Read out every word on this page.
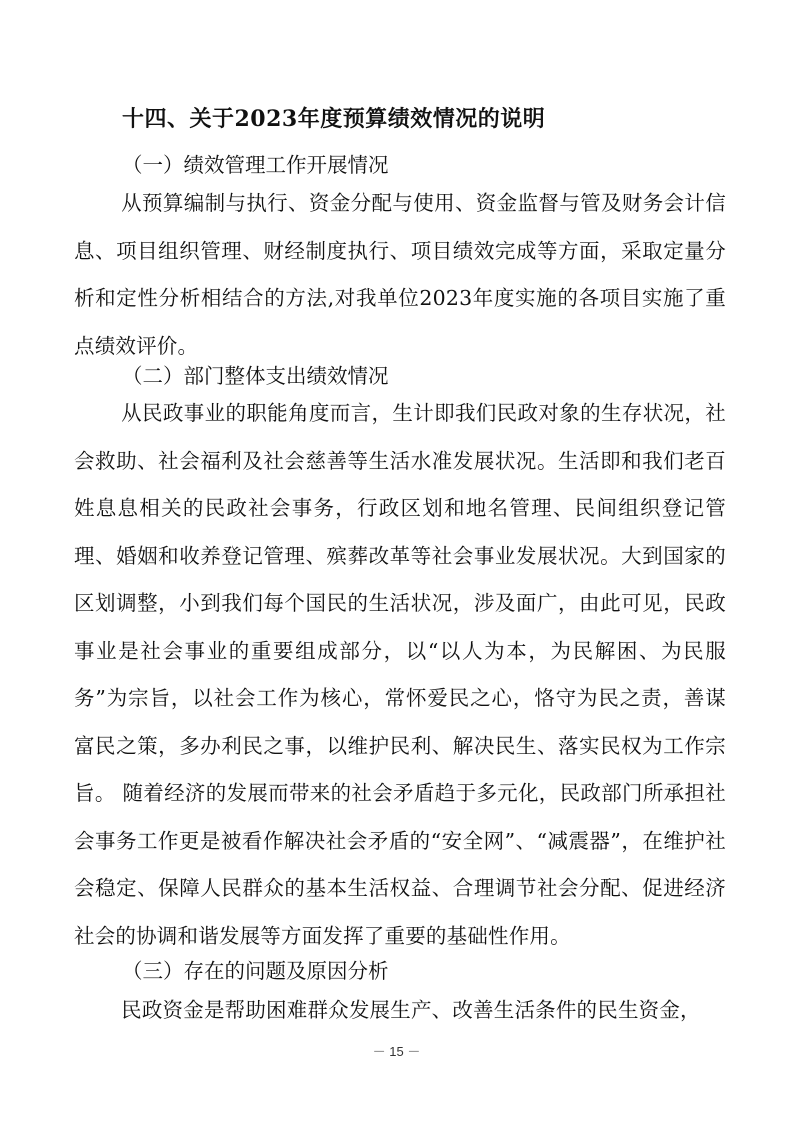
十四、关于2023年度预算绩效情况的说明
（一）绩效管理工作开展情况
从预算编制与执行、资金分配与使用、资金监督与管及财务会计信息、项目组织管理、财经制度执行、项目绩效完成等方面，采取定量分析和定性分析相结合的方法,对我单位2023年度实施的各项目实施了重点绩效评价。
（二）部门整体支出绩效情况
从民政事业的职能角度而言，生计即我们民政对象的生存状况，社会救助、社会福利及社会慈善等生活水准发展状况。生活即和我们老百姓息息相关的民政社会事务，行政区划和地名管理、民间组织登记管理、婚姻和收养登记管理、殡葬改革等社会事业发展状况。大到国家的区划调整，小到我们每个国民的生活状况，涉及面广，由此可见，民政事业是社会事业的重要组成部分，以“以人为本，为民解困、为民服务”为宗旨，以社会工作为核心，常怀爱民之心，恪守为民之责，善谋富民之策，多办利民之事，以维护民利、解决民生、落实民权为工作宗旨。 随着经济的发展而带来的社会矛盾趋于多元化，民政部门所承担社会事务工作更是被看作解决社会矛盾的“安全网”、“减震器”，在维护社会稳定、保障人民群众的基本生活权益、合理调节社会分配、促进经济社会的协调和谐发展等方面发挥了重要的基础性作用。
（三）存在的问题及原因分析
民政资金是帮助困难群众发展生产、改善生活条件的民生资金，
－ 15 －
